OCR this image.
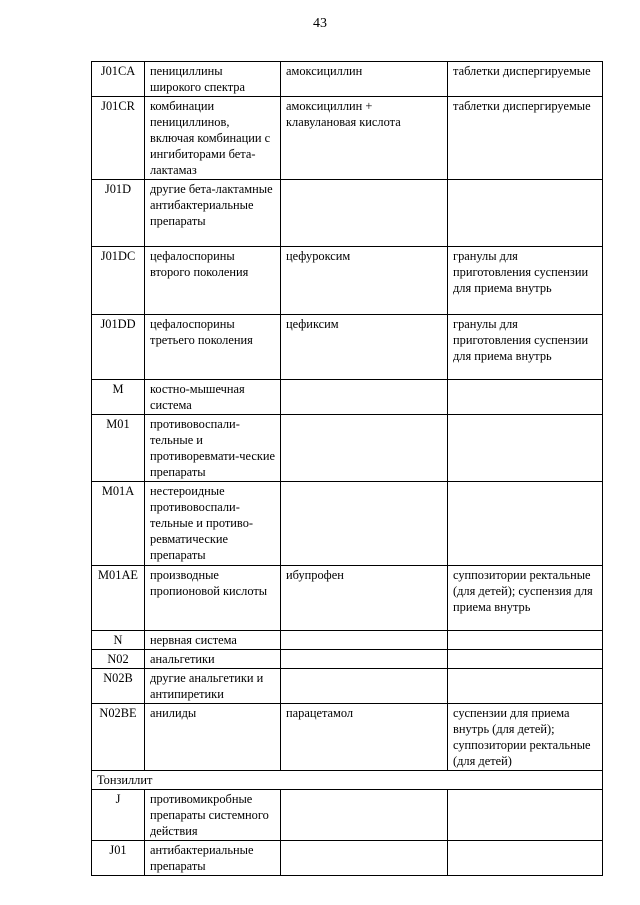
43
J01CA	пенициллины широкого спектра	амоксициллин	таблетки диспергируемые
J01CR	комбинации пенициллинов, включая комбинации с ингибиторами бета-лактамаз	амоксициллин + клавулановая кислота	таблетки диспергируемые
J01D	другие бета-лактамные антибактериальные препараты		
J01DC	цефалоспорины второго поколения	цефуроксим	гранулы для приготовления суспензии для приема внутрь
J01DD	цефалоспорины третьего поколения	цефиксим	гранулы для приготовления суспензии для приема внутрь
M	костно-мышечная система		
M01	противовоспали-тельные и противоревмати-ческие препараты		
M01A	нестероидные противовоспали-тельные и противо-ревматические препараты		
M01AE	производные пропионовой кислоты	ибупрофен	суппозитории ректальные (для детей); суспензия для приема внутрь
N	нервная система		
N02	анальгетики		
N02B	другие анальгетики и антипиретики		
N02BE	анилиды	парацетамол	суспензии для приема внутрь (для детей); суппозитории ректальные (для детей)
Тонзиллит			
J	противомикробные препараты системного действия		
J01	антибактериальные препараты		
